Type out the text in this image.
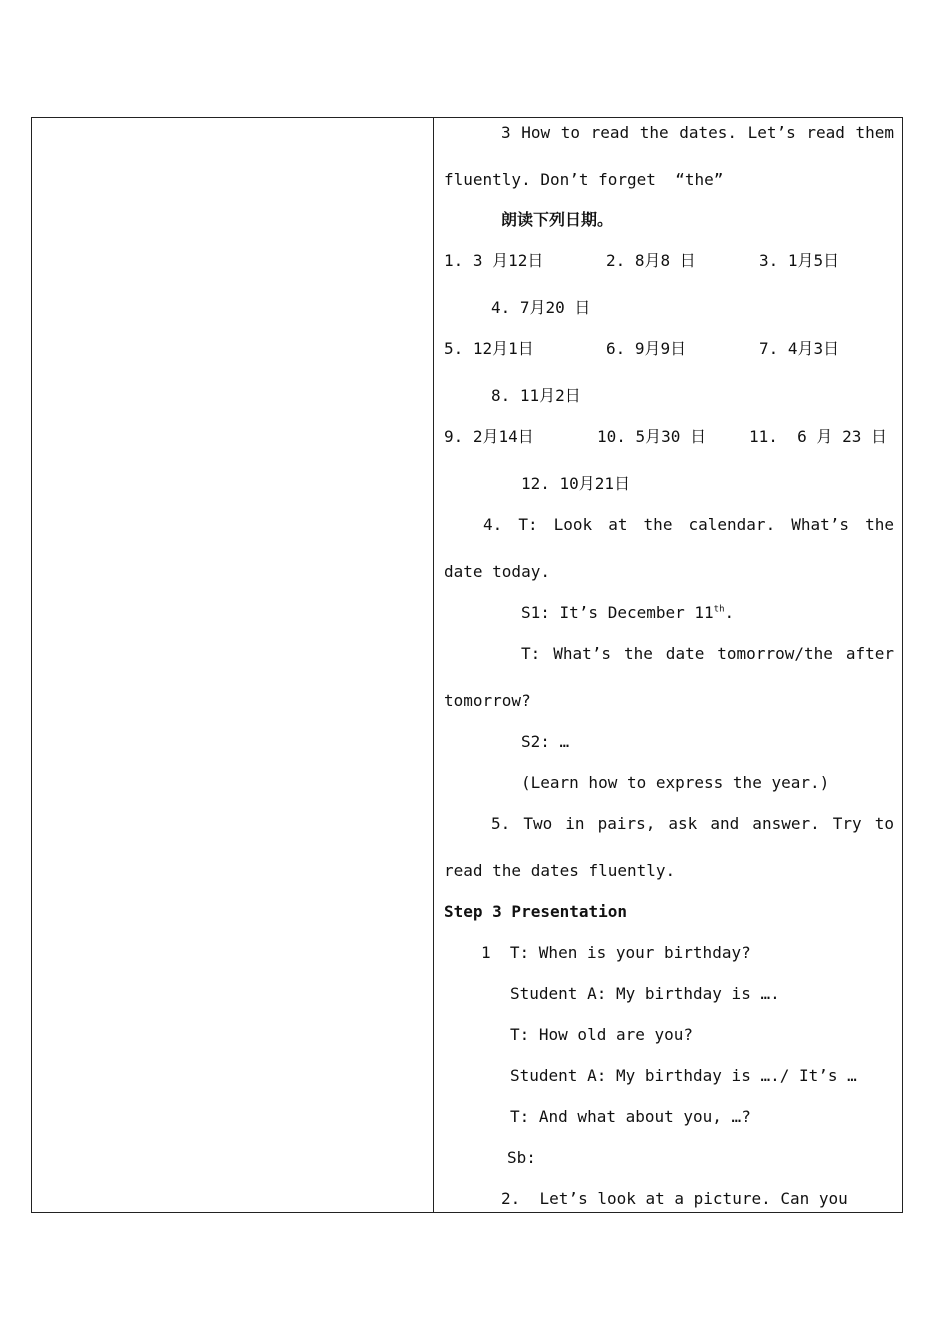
3 How to read the dates. Let’s read them
fluently. Don’t forget  “the”
朗读下列日期。
1. 3 月12日	2. 8月8 日	3. 1月5日
4. 7月20 日
5. 12月1日	6. 9月9日	7. 4月3日
8. 11月2日
9. 2月14日	10. 5月30 日	11.  6 月 23 日
12. 10月21日
4. T: Look at the calendar. What’s the
date today.
S1: It’s December 11th.
T: What’s the date tomorrow/the after
tomorrow?
S2: …
(Learn how to express the year.)
5. Two in pairs, ask and answer. Try to
read the dates fluently.
Step 3 Presentation
1  T: When is your birthday?
Student A: My birthday is ….
T: How old are you?
Student A: My birthday is …./ It’s …
T: And what about you, …?
Sb:
2.  Let’s look at a picture. Can you
